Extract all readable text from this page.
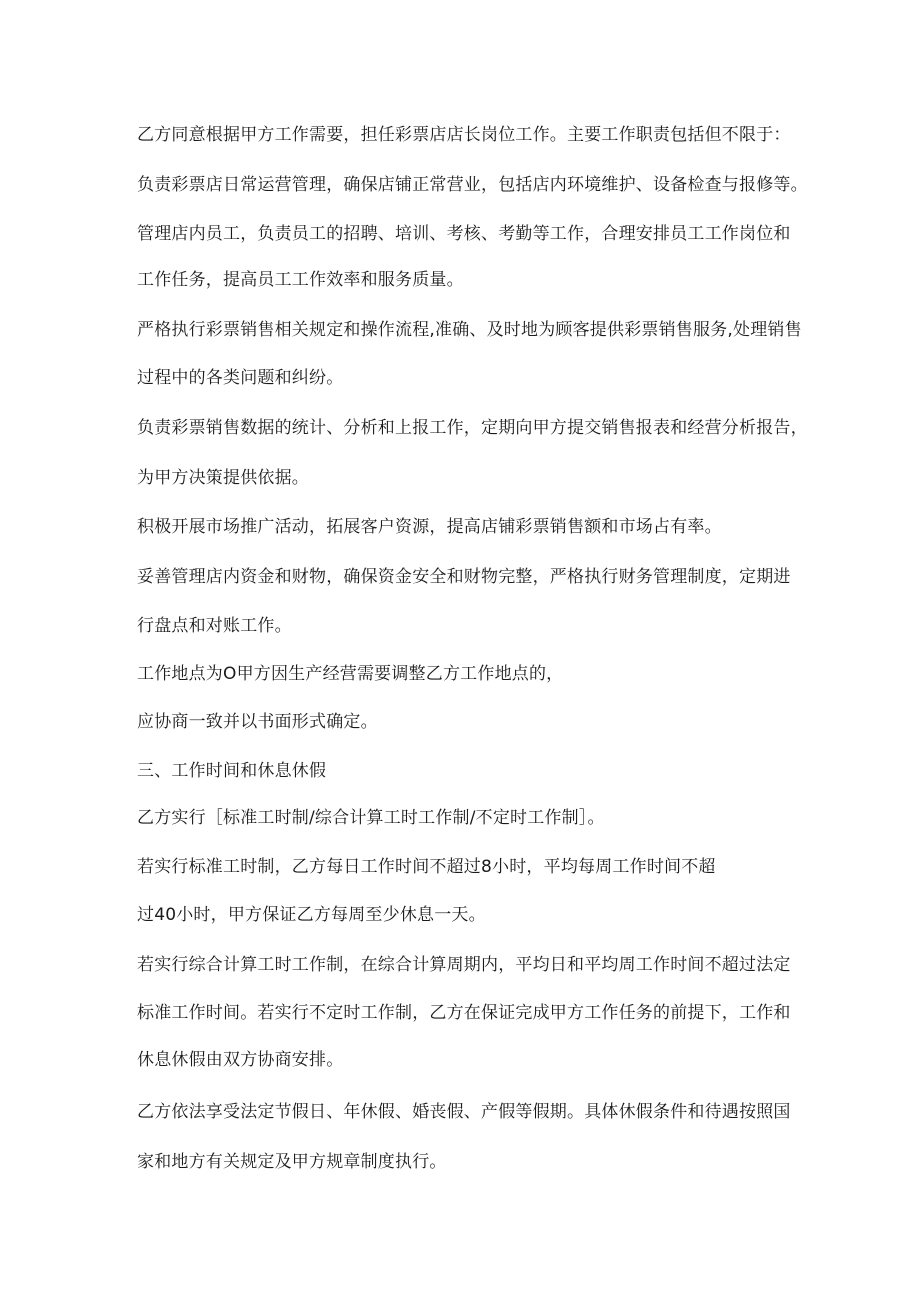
乙方同意根据甲方工作需要，担任彩票店店长岗位工作。主要工作职责包括但不限于：

负责彩票店日常运营管理，确保店铺正常营业，包括店内环境维护、设备检查与报修等。

管理店内员工，负责员工的招聘、培训、考核、考勤等工作，合理安排员工工作岗位和

工作任务，提高员工工作效率和服务质量。

严格执行彩票销售相关规定和操作流程,准确、及时地为顾客提供彩票销售服务,处理销售

过程中的各类问题和纠纷。

负责彩票销售数据的统计、分析和上报工作，定期向甲方提交销售报表和经营分析报告，

为甲方决策提供依据。

积极开展市场推广活动，拓展客户资源，提高店铺彩票销售额和市场占有率。

妥善管理店内资金和财物，确保资金安全和财物完整，严格执行财务管理制度，定期进

行盘点和对账工作。

工作地点为O甲方因生产经营需要调整乙方工作地点的，

应协商一致并以书面形式确定。

三、工作时间和休息休假

乙方实行［标准工时制/综合计算工时工作制/不定时工作制］。

若实行标准工时制，乙方每日工作时间不超过8小时，平均每周工作时间不超

过40小时，甲方保证乙方每周至少休息一天。

若实行综合计算工时工作制，在综合计算周期内，平均日和平均周工作时间不超过法定

标准工作时间。若实行不定时工作制，乙方在保证完成甲方工作任务的前提下，工作和

休息休假由双方协商安排。

乙方依法享受法定节假日、年休假、婚丧假、产假等假期。具体休假条件和待遇按照国

家和地方有关规定及甲方规章制度执行。
